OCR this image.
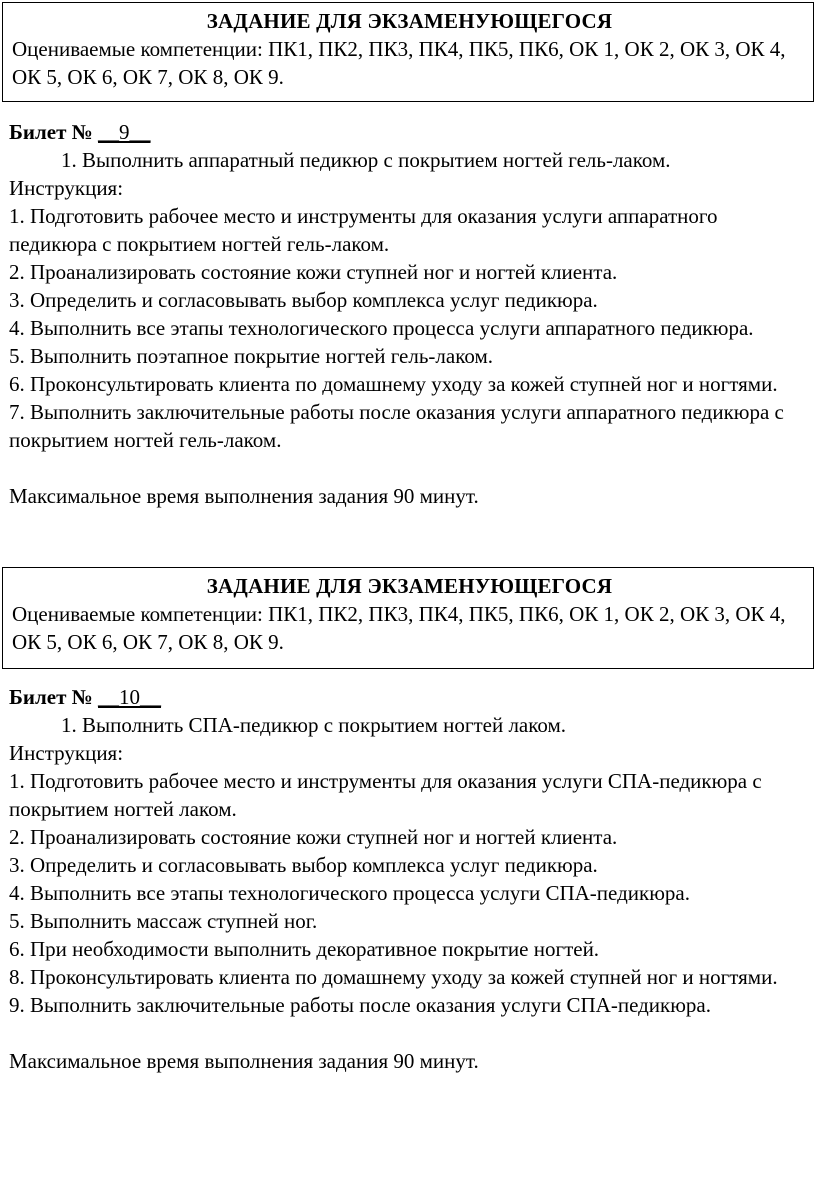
ЗАДАНИЕ ДЛЯ ЭКЗАМЕНУЮЩЕГОСЯ
Оцениваемые компетенции: ПК1, ПК2, ПК3, ПК4, ПК5, ПК6, ОК 1, ОК 2, ОК 3, ОК 4, ОК 5, ОК 6, ОК 7, ОК 8, ОК 9.
Билет № __9__
1. Выполнить аппаратный педикюр с покрытием ногтей гель-лаком.
Инструкция:
1. Подготовить рабочее место и инструменты для оказания услуги аппаратного педикюра с покрытием ногтей гель-лаком.
2. Проанализировать состояние кожи ступней ног и ногтей клиента.
3. Определить и согласовывать выбор комплекса услуг педикюра.
4. Выполнить все этапы технологического процесса услуги аппаратного педикюра.
5. Выполнить поэтапное покрытие ногтей гель-лаком.
6. Проконсультировать клиента по домашнему уходу за кожей ступней ног и ногтями.
7. Выполнить заключительные работы после оказания услуги аппаратного педикюра с покрытием ногтей гель-лаком.
Максимальное время выполнения задания 90 минут.
ЗАДАНИЕ ДЛЯ ЭКЗАМЕНУЮЩЕГОСЯ
Оцениваемые компетенции: ПК1, ПК2, ПК3, ПК4, ПК5, ПК6, ОК 1, ОК 2, ОК 3, ОК 4, ОК 5, ОК 6, ОК 7, ОК 8, ОК 9.
Билет № __10__
1. Выполнить СПА-педикюр с покрытием ногтей лаком.
Инструкция:
1. Подготовить рабочее место и инструменты для оказания услуги СПА-педикюра с покрытием ногтей лаком.
2. Проанализировать состояние кожи ступней ног и ногтей клиента.
3. Определить и согласовывать выбор комплекса услуг педикюра.
4. Выполнить все этапы технологического процесса услуги СПА-педикюра.
5. Выполнить массаж ступней ног.
6. При необходимости выполнить декоративное покрытие ногтей.
8. Проконсультировать клиента по домашнему уходу за кожей ступней ног и ногтями.
9. Выполнить заключительные работы после оказания услуги СПА-педикюра.
Максимальное время выполнения задания 90 минут.
